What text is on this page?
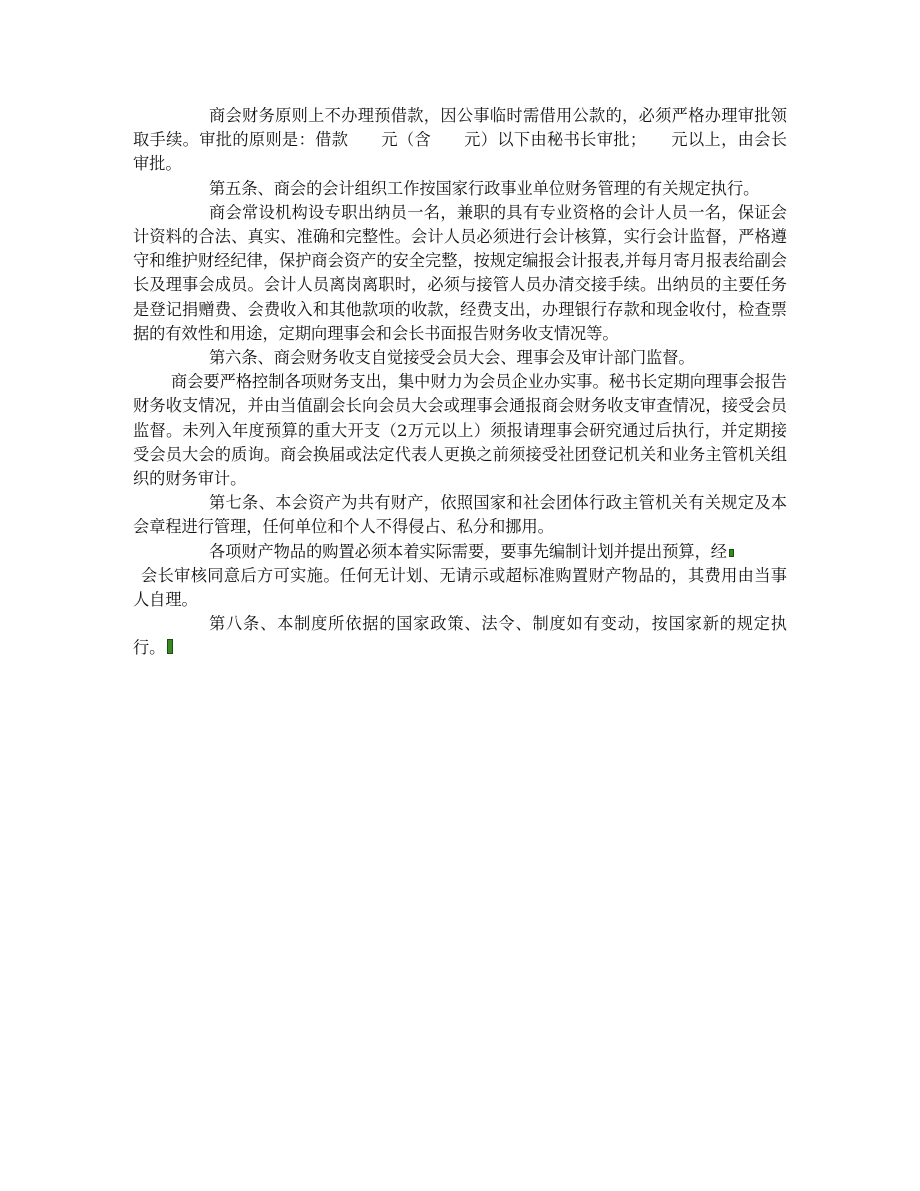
商会财务原则上不办理预借款，因公事临时需借用公款的，必须严格办理审批领取手续。审批的原则是：借款　　元（含　　元）以下由秘书长审批；　　元以上，由会长审批。

第五条、商会的会计组织工作按国家行政事业单位财务管理的有关规定执行。

商会常设机构设专职出纳员一名，兼职的具有专业资格的会计人员一名，保证会计资料的合法、真实、准确和完整性。会计人员必须进行会计核算，实行会计监督，严格遵守和维护财经纪律，保护商会资产的安全完整，按规定编报会计报表,并每月寄月报表给副会长及理事会成员。会计人员离岗离职时，必须与接管人员办清交接手续。出纳员的主要任务是登记捐赠费、会费收入和其他款项的收款，经费支出，办理银行存款和现金收付，检查票据的有效性和用途，定期向理事会和会长书面报告财务收支情况等。

第六条、商会财务收支自觉接受会员大会、理事会及审计部门监督。

商会要严格控制各项财务支出，集中财力为会员企业办实事。秘书长定期向理事会报告财务收支情况，并由当值副会长向会员大会或理事会通报商会财务收支审查情况，接受会员监督。未列入年度预算的重大开支（2万元以上）须报请理事会研究通过后执行，并定期接受会员大会的质询。商会换届或法定代表人更换之前须接受社团登记机关和业务主管机关组织的财务审计。

第七条、本会资产为共有财产，依照国家和社会团体行政主管机关有关规定及本会章程进行管理，任何单位和个人不得侵占、私分和挪用。

各项财产物品的购置必须本着实际需要，要事先编制计划并提出预算，经

会长审核同意后方可实施。任何无计划、无请示或超标准购置财产物品的，其费用由当事人自理。

第八条、本制度所依据的国家政策、法令、制度如有变动，按国家新的规定执行。
